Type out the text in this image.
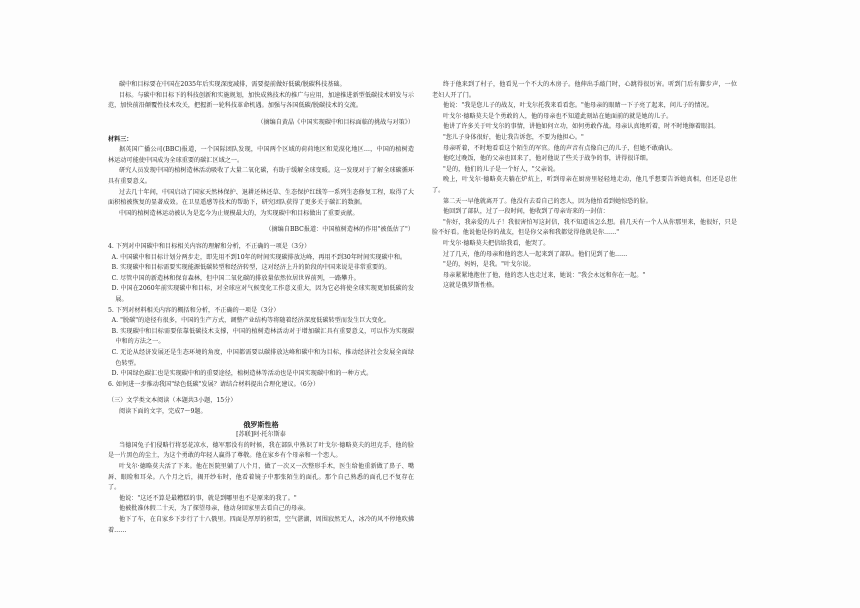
碳中和目标要在中国在2035年后实现深度减排，需要提前做好低碳/脱碳科技基础。

目标。与碳中和目标下的科技创新和实施规划，加快成熟技术的推广与应用，加速推进新型低碳技术研发与示范，加快前沿颠覆性技术攻关，把握新一轮科技革命机遇。加强与各国低碳/脱碳技术的交流。

（摘编自黄晶《中国实现碳中和目标面临的挑战与对策》）

材料三：

据英国广播公司(BBC)报道，一个国际团队发现，中国两个区域的荷荷地区和荒漠化地区…，中国的植树造林运动可能使中国成为全球重要的碳汇区域之一。

研究人员发现中国的植树造林活动吸收了大量二氧化碳，有助于缓解全球变暖。这一发现对于了解全球碳循环具有重要意义。

过去几十年间，中国启动了国家天然林保护、退耕还林还草、生态保护红线等一系列生态修复工程，取得了大面积植被恢复的显著成效。在卫星遥感等技术的帮助下，研究团队获得了更多关于碳汇的数据。

中国的植树造林运动被认为是迄今为止规模最大的，为实现碳中和目标做出了重要贡献。

（摘编自BBC报道：中国植树造林的作用"被低估了"）

4. 下列对中国碳中和目标相关内容的理解和分析，不正确的一项是（3分）

A. 中国碳中和目标计划分两步走，即先用不到10年的时间实现碳排放达峰，再用不到30年时间实现碳中和。

B. 实现碳中和目标需要实现能源低碳转型和经济转型，这对经济上升的阶段的中国来说是非常重要的。

C. 尽管中国的新造林和保育森林，但中国二氧化碳的排放量依然位居世界前列，一路攀升。

D. 中国在2060年前实现碳中和目标，对全球应对气候变化工作意义重大，因为它必将使全球实现更加低碳的发展。

5. 下列对材料相关内容的概括和分析，不正确的一项是（3分）

A. "脱碳"的途径有很多，中国的生产方式，调整产业结构等将随着经济深度低碳转型而发生巨大变化。

B. 实现碳中和目标需要依靠低碳技术支撑，中国的植树造林活动对于增加碳汇具有重要意义，可以作为实现碳中和的方法之一。

C. 无论从经济发展还是生态环境的角度，中国都需要以碳排放达峰和碳中和为目标，推动经济社会发展全面绿色转型。

D. 中国绿色碳汇也是实现碳中和的重要途径，植树造林等活动也是中国实现碳中和的一种方式。

6. 如何进一步推动我国"绿色低碳"发展？请结合材料提出合理化建议。（6分）

（三）文学类文本阅读（本题共3小题，15分）

阅读下面的文字，完成7～9题。

俄罗斯性格

[苏联]阿·托尔斯泰

当德国兔子们侵略行将恶花凉水，德军那没有的时候，我在部队中熟识了叶戈尔·德略莫夫的坦克手，他的脸是一片黑色的尘土，为这个勇敢的年轻人赢得了尊敬。他在家乡有个母亲和一个恋人。

叶戈尔·德略莫夫活了下来。他在医院里躺了八个月，做了一次又一次整形手术，医生给他重新做了鼻子、嘴唇、眼睑和耳朵。八个月之后，揭开纱布时，他看着镜子中那张陌生的面孔。那个自己熟悉的面孔已不复存在了。

他说："这还不算是最糟糕的事，就是到哪里也不是原来的我了。"

他被批准休假二十天，为了探望母亲，他动身回家里去看自己的母亲。

他下了车，在自家乡下步行了十八俄里。四面是厚厚的积雪，空气湛湖，周围寂然无人，冰冷的风不停地吹拂着……

终于他来到了村子，他看见一个不大的木房子。他伸出手敲门时，心跳得很厉害。听到门后有脚步声，一位老妇人开了门。

他说："我是您儿子的战友，叶戈尔托我来看看您。"他母亲的眼睛一下子亮了起来，问儿子的情况。

叶戈尔·德略莫夫是个勇敢的人，他的母亲也不知道此刻站在她面前的就是她的儿子。

他讲了许多关于叶戈尔的事情，讲他如何立功，如何勇敢作战。母亲认真地听着，时不时地擦着眼泪。

"您儿子身体很好，他让我告诉您，不要为他担心。"

母亲听着，不时地看看这个陌生的军官。他的声音有点像自己的儿子，但她不敢确认。

他吃过晚饭，他的父亲也回来了，他对他说了些关于战争的事，讲得很详细。

"是的，他们的儿子是一个好人，"父亲说。

晚上，叶戈尔·德略莫夫躺在炉炕上，听到母亲在厨房里轻轻地走动，他几乎想要告诉她真相，但还是忍住了。

第二天一早他就离开了。他没有去看自己的恋人，因为他怕看到她惊恐的脸。

他回到了部队，过了一段时间，他收到了母亲寄来的一封信：

"你好，我亲爱的儿子！我很害怕写这封信，我不知道该怎么想。前几天有一个人从你那里来，他很好，只是脸不好看。他说他是你的战友，但是你父亲和我都觉得他就是你……"

叶戈尔·德略莫夫把信给我看，他哭了。

过了几天，他的母亲和他的恋人一起来到了部队。他们见到了他……

"是的，妈妈，是我。"叶戈尔说。

母亲紧紧地抱住了他，他的恋人也走过来，她说："我会永远和你在一起。"

这就是俄罗斯性格。
